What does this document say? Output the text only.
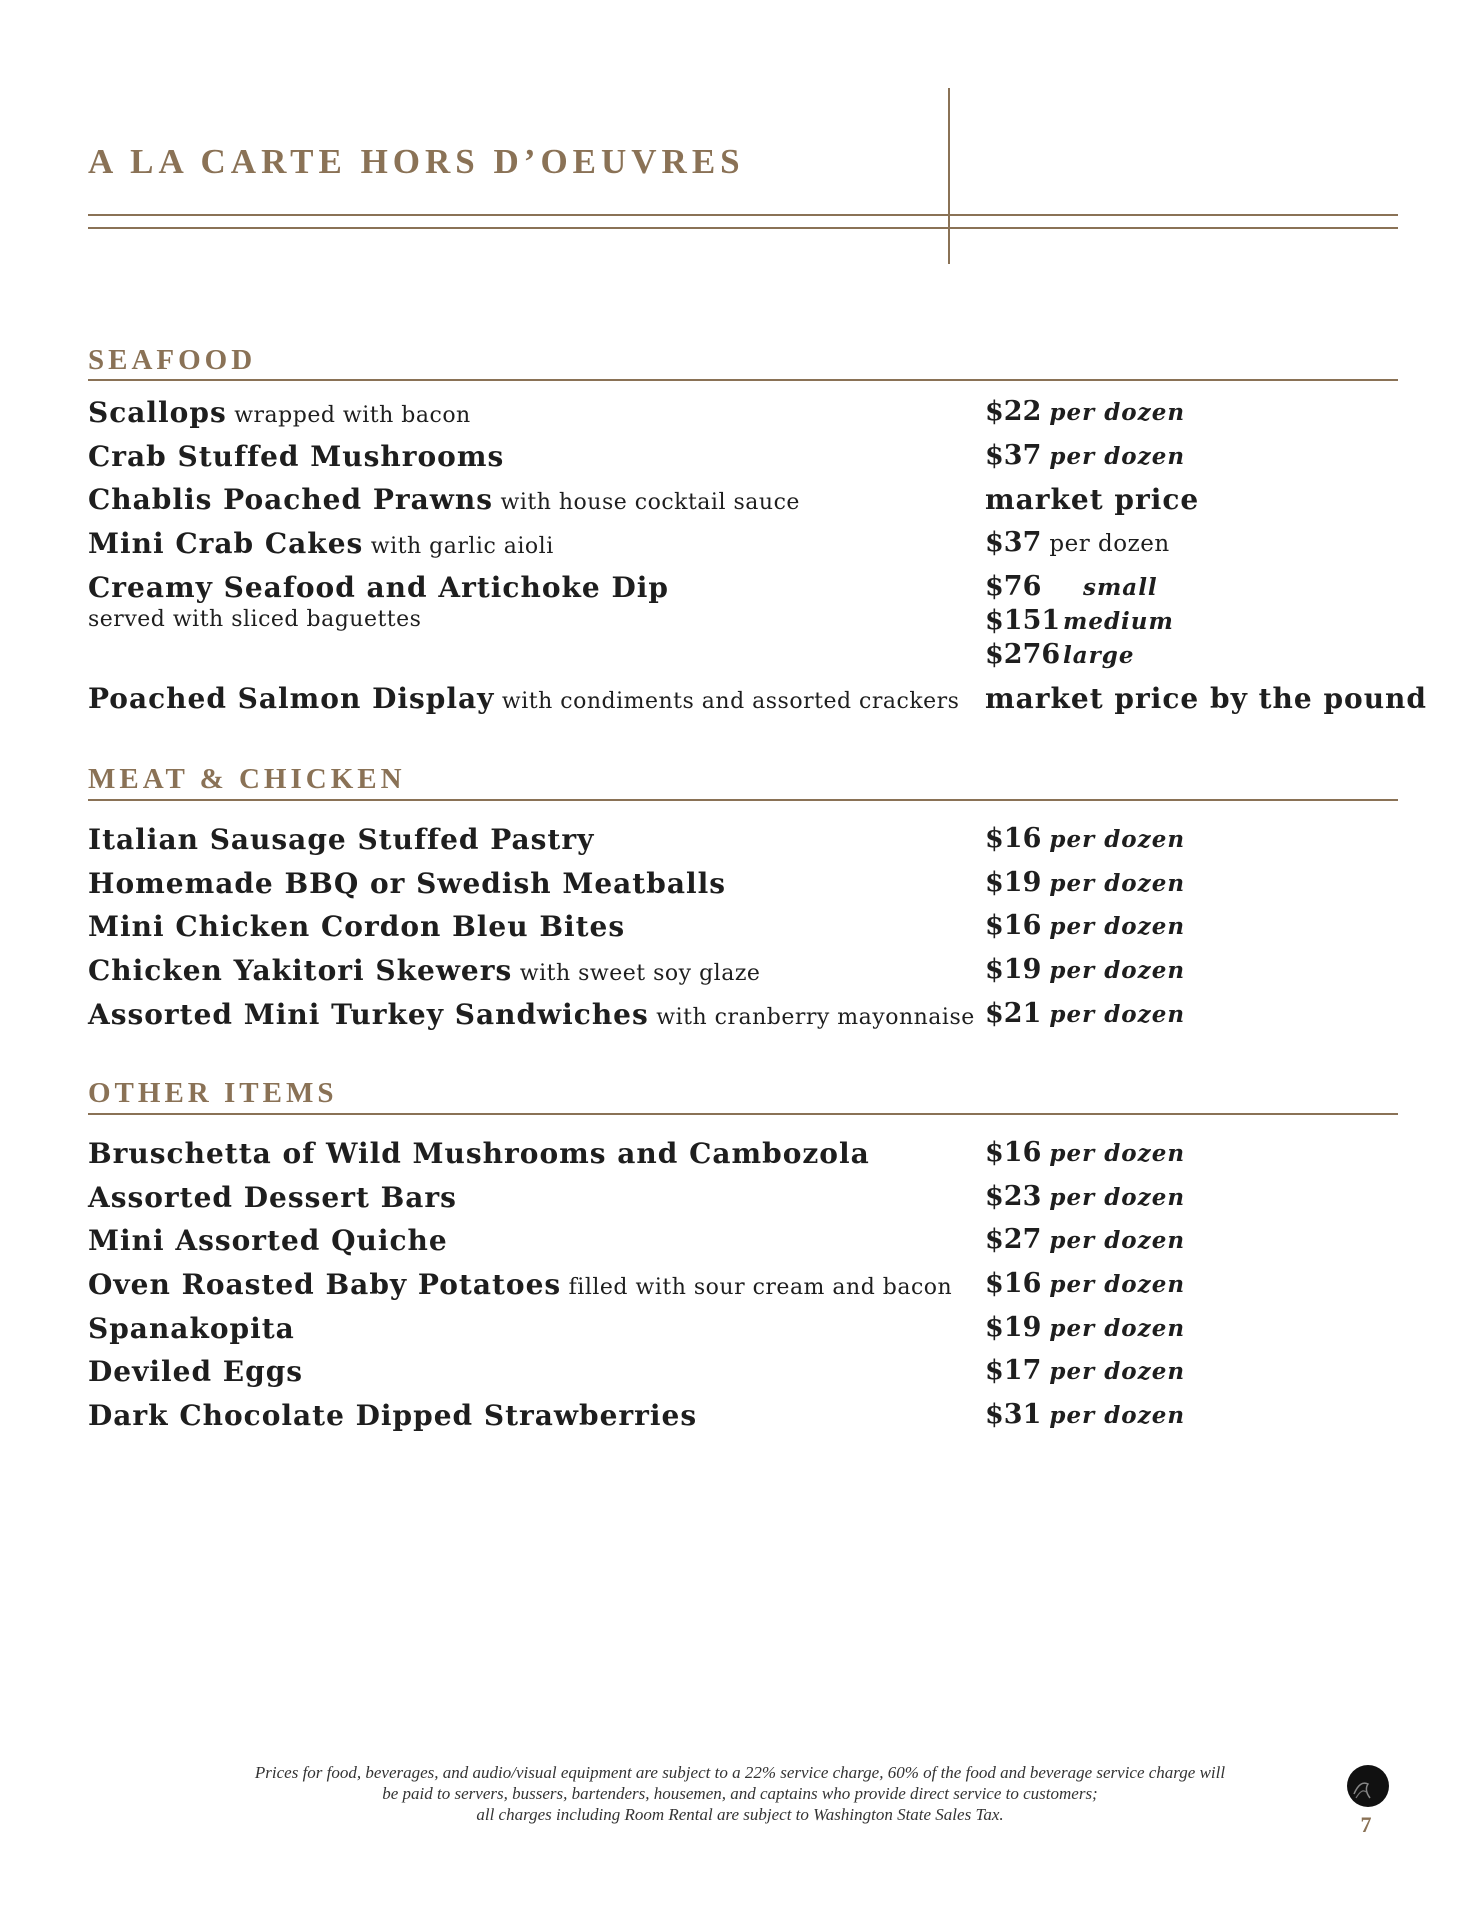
A LA CARTE HORS D’OEUVRES
SEAFOOD
Scallops wrapped with bacon	$22 per dozen
Crab Stuffed Mushrooms	$37 per dozen
Chablis Poached Prawns with house cocktail sauce	market price
Mini Crab Cakes with garlic aioli	$37 per dozen
Creamy Seafood and Artichoke Dip
served with sliced baguettes
$76 small
$151 medium
$276 large
Poached Salmon Display with condiments and assorted crackers market price by the pound
MEAT & CHICKEN
Italian Sausage Stuffed Pastry	$16 per dozen
Homemade BBQ or Swedish Meatballs	$19 per dozen
Mini Chicken Cordon Bleu Bites	$16 per dozen
Chicken Yakitori Skewers with sweet soy glaze	$19 per dozen
Assorted Mini Turkey Sandwiches with cranberry mayonnaise $21 per dozen
OTHER ITEMS
Bruschetta of Wild Mushrooms and Cambozola	$16 per dozen
Assorted Dessert Bars	$23 per dozen
Mini Assorted Quiche	$27 per dozen
Oven Roasted Baby Potatoes filled with sour cream and bacon $16 per dozen
Spanakopita	$19 per dozen
Deviled Eggs	$17 per dozen
Dark Chocolate Dipped Strawberries	$31 per dozen
Prices for food, beverages, and audio/visual equipment are subject to a 22% service charge, 60% of the food and beverage service charge will
be paid to servers, bussers, bartenders, housemen, and captains who provide direct service to customers;
all charges including Room Rental are subject to Washington State Sales Tax.	7
